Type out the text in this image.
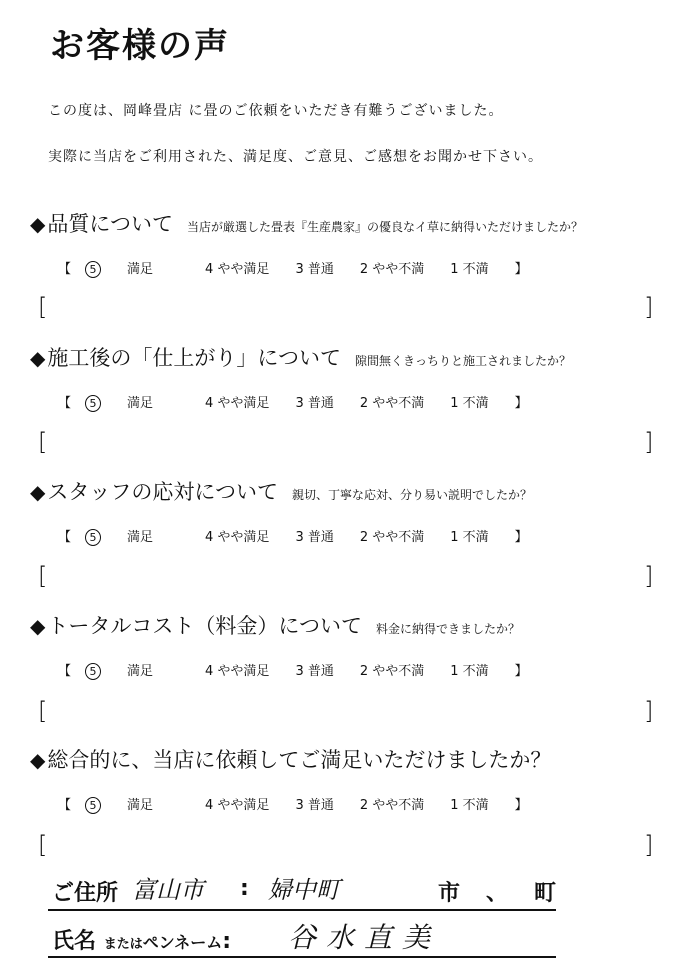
お客様の声
この度は、岡峰畳店 に畳のご依頼をいただき有難うございました。
実際に当店をご利用された、満足度、ご意見、ご感想をお聞かせ下さい。
◆品質について 当店が厳選した畳表『生産農家』の優良なイ草に納得いただけましたか？
【 5 満足	4 やや満足 3 普通 2 やや不満 1 不満 】
[	]
◆施工後の「仕上がり」について 隙間無くきっちりと施工されましたか？
【 5 満足	4 やや満足 3 普通 2 やや不満 1 不満 】
[	]
◆スタッフの応対について 親切、丁寧な応対、分り易い説明でしたか？
【 5 満足	4 やや満足 3 普通 2 やや不満 1 不満 】
[	]
◆トータルコスト（料金）について 料金に納得できましたか？
【 5 満足	4 やや満足 3 普通 2 やや不満 1 不満 】
[	]
◆総合的に、当店に依頼してご満足いただけましたか？
【 5 満足	4 やや満足 3 普通 2 やや不満 1 不満 】
[	]
ご住所 富山市 : 婦中町	市 、 町
氏名 またはペンネーム: 谷水直美
